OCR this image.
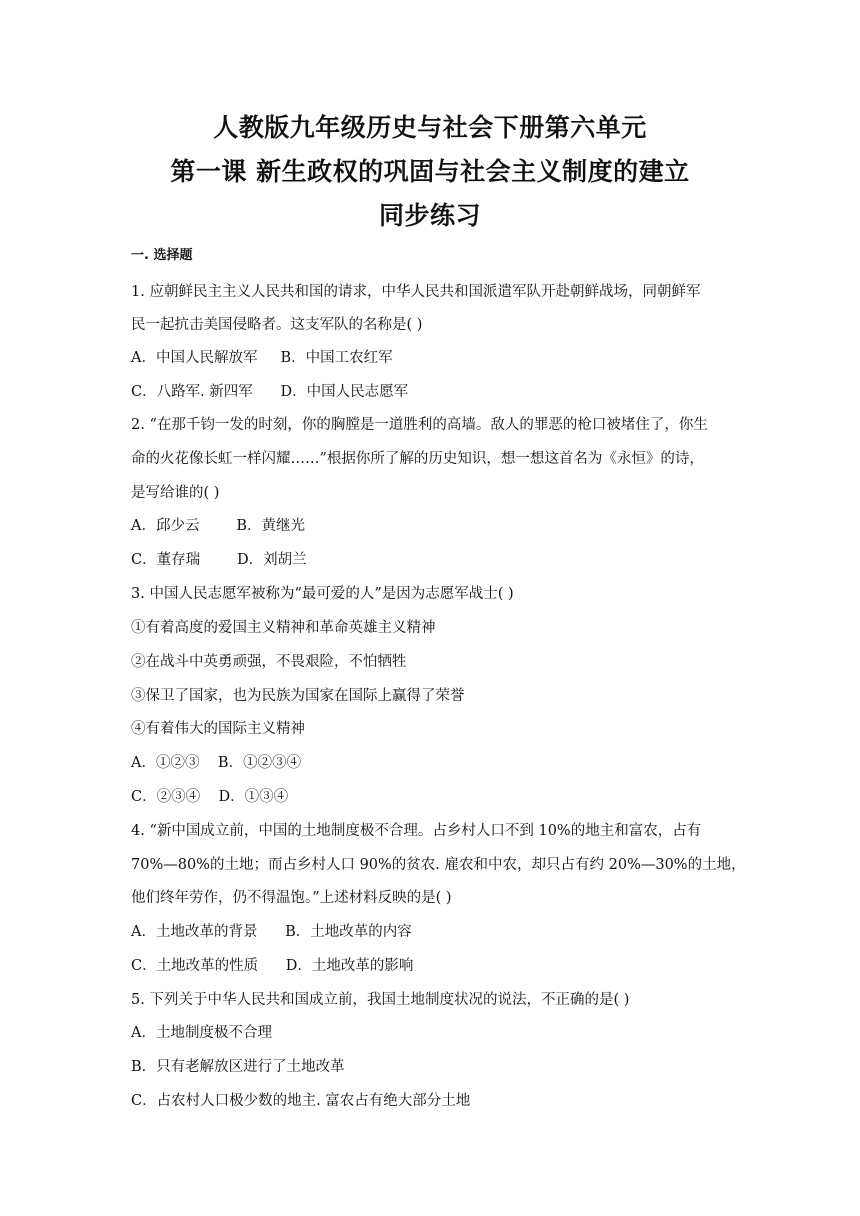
人教版九年级历史与社会下册第六单元
第一课 新生政权的巩固与社会主义制度的建立
同步练习
一. 选择题
1. 应朝鲜民主主义人民共和国的请求，中华人民共和国派遣军队开赴朝鲜战场，同朝鲜军
民一起抗击美国侵略者。这支军队的名称是( )
A．中国人民解放军     B．中国工农红军
C．八路军. 新四军      D．中国人民志愿军
2. “在那千钧一发的时刻，你的胸膛是一道胜利的高墙。敌人的罪恶的枪口被堵住了，你生
命的火花像长虹一样闪耀……”根据你所了解的历史知识，想一想这首名为《永恒》的诗，
是写给谁的( )
A．邱少云        B．黄继光
C．董存瑞        D．刘胡兰
3. 中国人民志愿军被称为“最可爱的人”是因为志愿军战士( )
①有着高度的爱国主义精神和革命英雄主义精神
②在战斗中英勇顽强，不畏艰险，不怕牺牲
③保卫了国家，也为民族为国家在国际上赢得了荣誉
④有着伟大的国际主义精神
A．①②③    B．①②③④
C．②③④    D．①③④
4. “新中国成立前，中国的土地制度极不合理。占乡村人口不到 10%的地主和富农，占有
70%—80%的土地；而占乡村人口 90%的贫农. 雇农和中农，却只占有约 20%—30%的土地，
他们终年劳作，仍不得温饱。”上述材料反映的是( )
A．土地改革的背景      B．土地改革的内容
C．土地改革的性质      D．土地改革的影响
5. 下列关于中华人民共和国成立前，我国土地制度状况的说法，不正确的是( )
A．土地制度极不合理
B．只有老解放区进行了土地改革
C．占农村人口极少数的地主. 富农占有绝大部分土地
